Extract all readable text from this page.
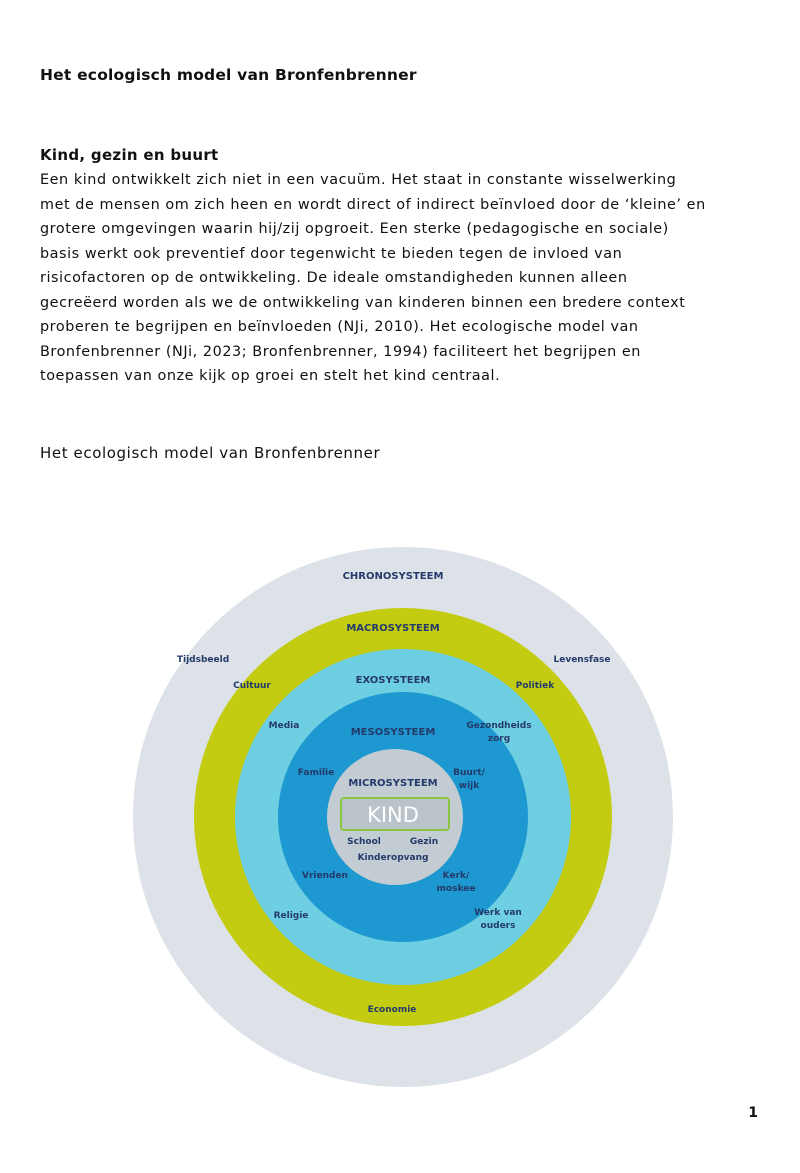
Het ecologisch model van Bronfenbrenner
Kind, gezin en buurt

Een kind ontwikkelt zich niet in een vacuüm. Het staat in constante wisselwerking
met de mensen om zich heen en wordt direct of indirect beïnvloed door de ‘kleine’ en
grotere omgevingen waarin hij/zij opgroeit. Een sterke (pedagogische en sociale)
basis werkt ook preventief door tegenwicht te bieden tegen de invloed van
risicofactoren op de ontwikkeling. De ideale omstandigheden kunnen alleen
gecreëerd worden als we de ontwikkeling van kinderen binnen een bredere context
proberen te begrijpen en beïnvloeden (NJi, 2010). Het ecologische model van
Bronfenbrenner (NJi, 2023; Bronfenbrenner, 1994) faciliteert het begrijpen en
toepassen van onze kijk op groei en stelt het kind centraal.

Het ecologisch model van Bronfenbrenner
CHRONOSYSTEEM
MACROSYSTEEM
EXOSYSTEEM
MESOSYSTEEM
MICROSYSTEEM
KIND
Tijdsbeeld	Levensfase
Cultuur	Politiek
Religie
Economie
Media	Gezondheids
zorg
Werk van
ouders
Familie	Buurt/
wijk
Vrienden	Kerk/
moskee
School	Gezin
Kinderopvang
1
